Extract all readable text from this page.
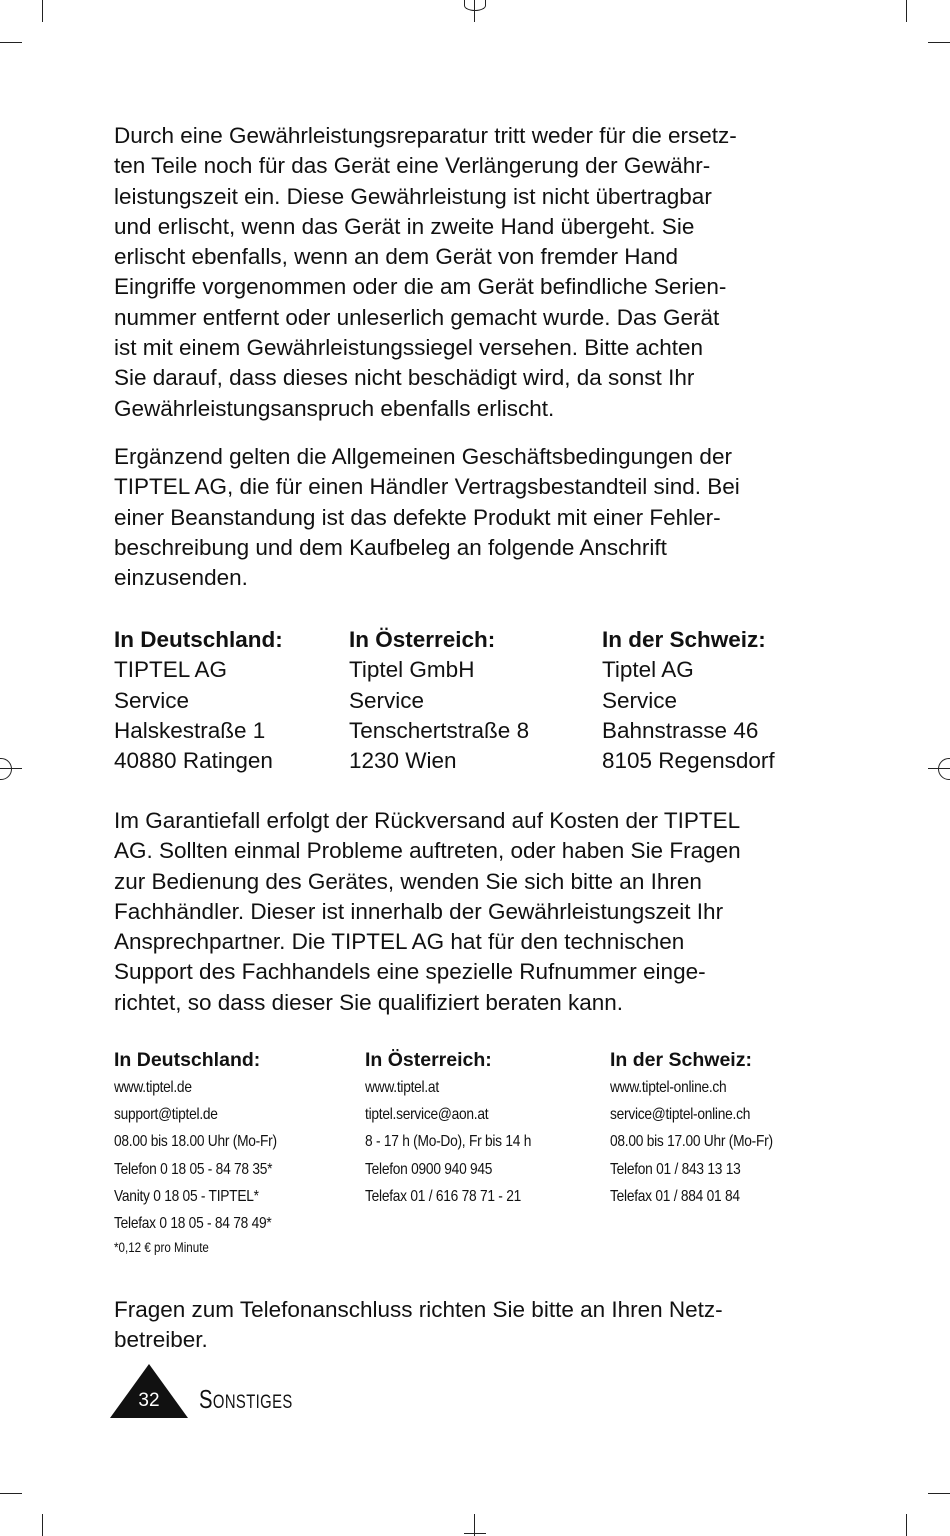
Durch eine Gewährleistungsreparatur tritt weder für die ersetz-
ten Teile noch für das Gerät eine Verlängerung der Gewähr-
leistungszeit ein. Diese Gewährleistung ist nicht übertragbar
und erlischt, wenn das Gerät in zweite Hand übergeht. Sie
erlischt ebenfalls, wenn an dem Gerät von fremder Hand
Eingriffe vorgenommen oder die am Gerät befindliche Serien-
nummer entfernt oder unleserlich gemacht wurde. Das Gerät
ist mit einem Gewährleistungssiegel versehen. Bitte achten
Sie darauf, dass dieses nicht beschädigt wird, da sonst Ihr
Gewährleistungsanspruch ebenfalls erlischt.

Ergänzend gelten die Allgemeinen Geschäftsbedingungen der
TIPTEL AG, die für einen Händler Vertragsbestandteil sind. Bei
einer Beanstandung ist das defekte Produkt mit einer Fehler-
beschreibung und dem Kaufbeleg an folgende Anschrift
einzusenden.

In Deutschland:
TIPTEL AG
Service
Halskestraße 1
40880 Ratingen
In Österreich:
Tiptel GmbH
Service
Tenschertstraße 8
1230 Wien
In der Schweiz:
Tiptel AG
Service
Bahnstrasse 46
8105 Regensdorf

Im Garantiefall erfolgt der Rückversand auf Kosten der TIPTEL
AG. Sollten einmal Probleme auftreten, oder haben Sie Fragen
zur Bedienung des Gerätes, wenden Sie sich bitte an Ihren
Fachhändler. Dieser ist innerhalb der Gewährleistungszeit Ihr
Ansprechpartner. Die TIPTEL AG hat für den technischen
Support des Fachhandels eine spezielle Rufnummer einge-
richtet, so dass dieser Sie qualifiziert beraten kann.

In Deutschland:
www.tiptel.de
support@tiptel.de
08.00 bis 18.00 Uhr (Mo-Fr)
Telefon 0 18 05 - 84 78 35*
Vanity 0 18 05 - TIPTEL*
Telefax 0 18 05 - 84 78 49*
*0,12 € pro Minute
In Österreich:
www.tiptel.at
tiptel.service@aon.at
8 - 17 h (Mo-Do), Fr bis 14 h
Telefon 0900 940 945
Telefax 01 / 616 78 71 - 21
In der Schweiz:
www.tiptel-online.ch
service@tiptel-online.ch
08.00 bis 17.00 Uhr (Mo-Fr)
Telefon 01 / 843 13 13
Telefax 01 / 884 01 84

Fragen zum Telefonanschluss richten Sie bitte an Ihren Netz-
betreiber.

32	SONSTIGES
